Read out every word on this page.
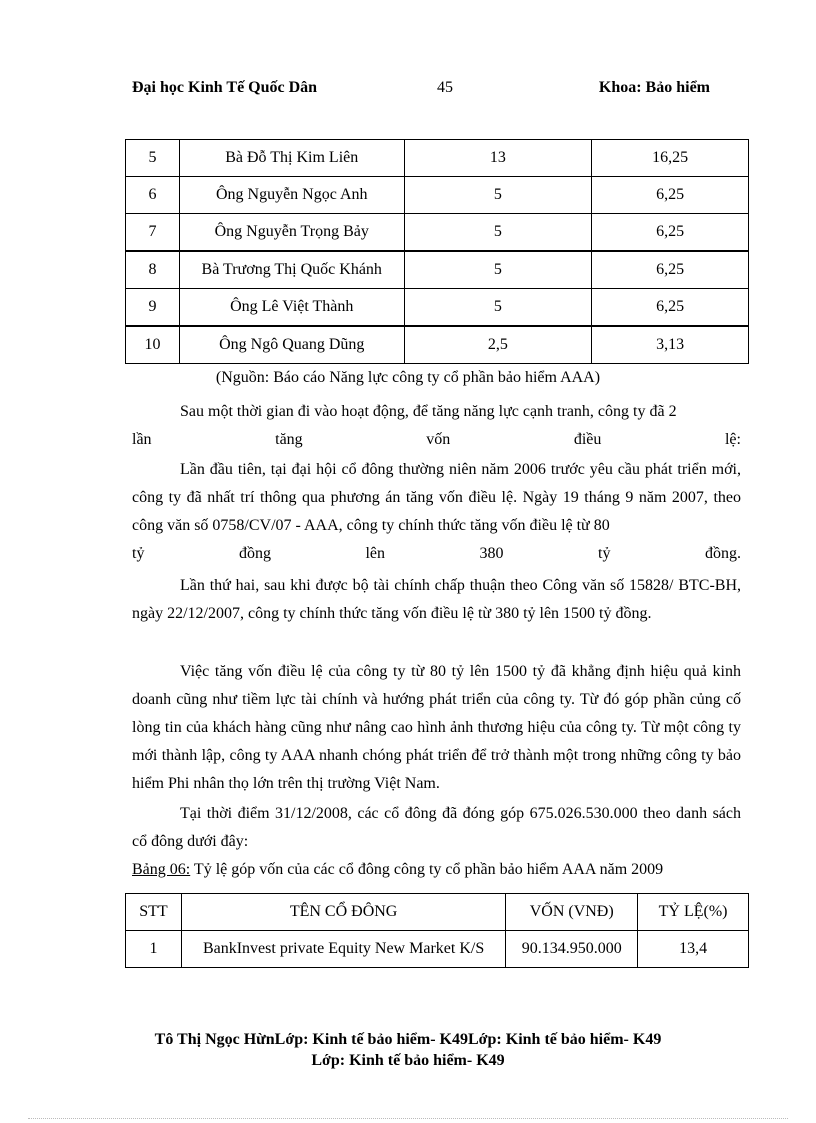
Đại học Kinh Tế Quốc Dân	45	Khoa: Bảo hiểm
5	Bà Đỗ Thị Kim Liên	13	16,25
6	Ông Nguyễn Ngọc Anh	5	6,25
7	Ông Nguyễn Trọng Bảy	5	6,25
8	Bà Trương Thị Quốc Khánh	5	6,25
9	Ông Lê Việt Thành	5	6,25
10	Ông Ngô Quang Dũng	2,5	3,13
(Nguồn: Báo cáo Năng lực công ty cổ phần bảo hiểm AAA)
Sau một thời gian đi vào hoạt động, để tăng năng lực cạnh tranh, công ty đã 2
lần	tăng	vốn	điều	lệ:
Lần đầu tiên, tại đại hội cổ đông thường niên năm 2006 trước yêu cầu phát triển mới, công ty đã nhất trí thông qua phương án tăng vốn điều lệ. Ngày 19 tháng 9 năm 2007, theo công văn số 0758/CV/07 - AAA, công ty chính thức tăng vốn điều lệ từ 80
tỷ	đồng	lên	380	tỷ	đồng.
Lần thứ hai, sau khi được bộ tài chính chấp thuận theo Công văn số 15828/ BTC-BH, ngày 22/12/2007, công ty chính thức tăng vốn điều lệ từ 380 tỷ lên 1500 tỷ đồng.
Việc tăng vốn điều lệ của công ty từ 80 tỷ lên 1500 tỷ đã khẳng định hiệu quả kinh doanh cũng như tiềm lực tài chính và hướng phát triển của công ty. Từ đó góp phần củng cố lòng tin của khách hàng cũng như nâng cao hình ảnh thương hiệu của công ty. Từ một công ty mới thành lập, công ty AAA nhanh chóng phát triển để trở thành một trong những công ty bảo hiểm Phi nhân thọ lớn trên thị trường Việt Nam.
Tại thời điểm 31/12/2008, các cổ đông đã đóng góp 675.026.530.000 theo danh sách cổ đông dưới đây:
Bảng 06: Tỷ lệ góp vốn của các cổ đông công ty cổ phần bảo hiểm AAA năm 2009
STT	TÊN CỔ ĐÔNG	VỐN (VNĐ)	TỶ LỆ(%)
1	BankInvest private Equity New Market K/S	90.134.950.000	13,4
Tô Thị Ngọc HừnLớp: Kinh tế bảo hiểm- K49Lớp: Kinh tế bảo hiểm- K49
Lớp: Kinh tế bảo hiểm- K49
